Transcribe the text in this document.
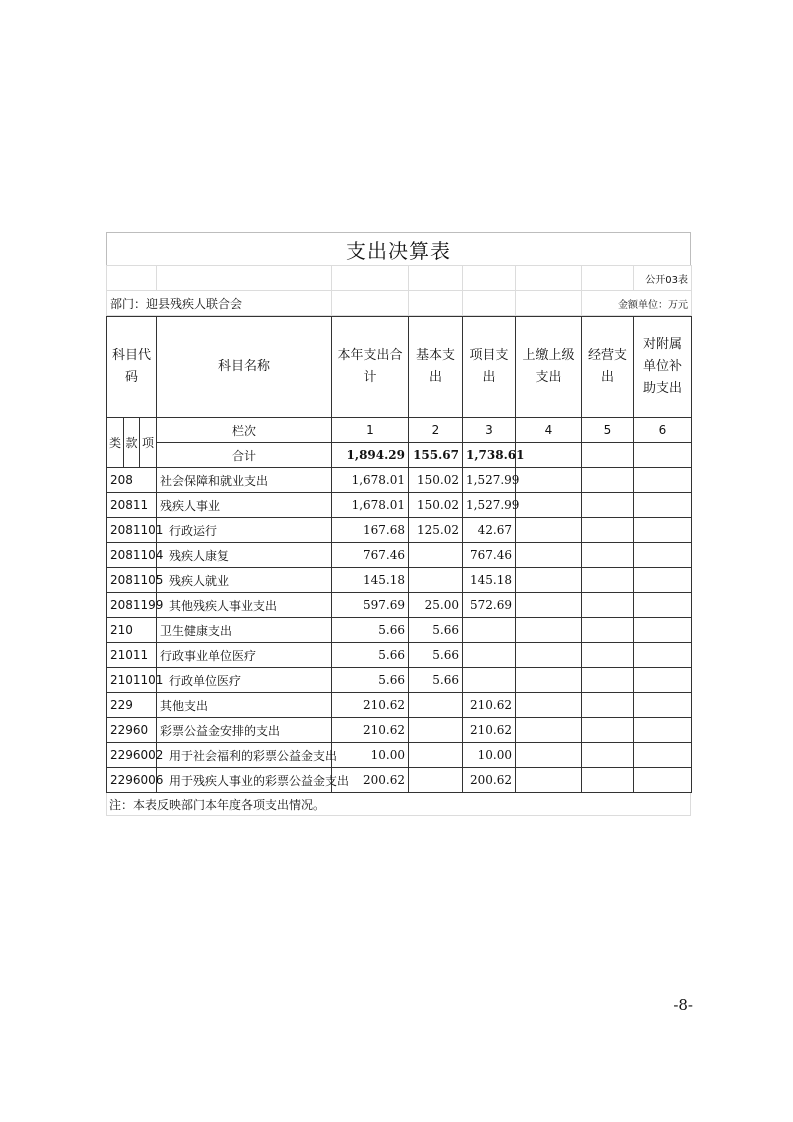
支出决算表
							公开03表
部门：迎县残疾人联合会						金额单位：万元	
科目代码			科目名称	本年支出合计	基本支出	项目支出	上缴上级支出	经营支出	对附属单位补助支出
类	款	项	栏次	1	2	3	4	5	6
			合计	1,894.29	155.67	1,738.61			
208			社会保障和就业支出	1,678.01	150.02	1,527.99			
20811			残疾人事业	1,678.01	150.02	1,527.99			
2081101			行政运行	167.68	125.02	42.67			
2081104			残疾人康复	767.46		767.46			
2081105			残疾人就业	145.18		145.18			
2081199			其他残疾人事业支出	597.69	25.00	572.69			
210			卫生健康支出	5.66	5.66				
21011			行政事业单位医疗	5.66	5.66				
2101101			行政单位医疗	5.66	5.66				
229			其他支出	210.62		210.62			
22960			彩票公益金安排的支出	210.62		210.62			
2296002			用于社会福利的彩票公益金支出	10.00		10.00			
2296006			用于残疾人事业的彩票公益金支出	200.62		200.62			
注：本表反映部门本年度各项支出情况。
-8-
